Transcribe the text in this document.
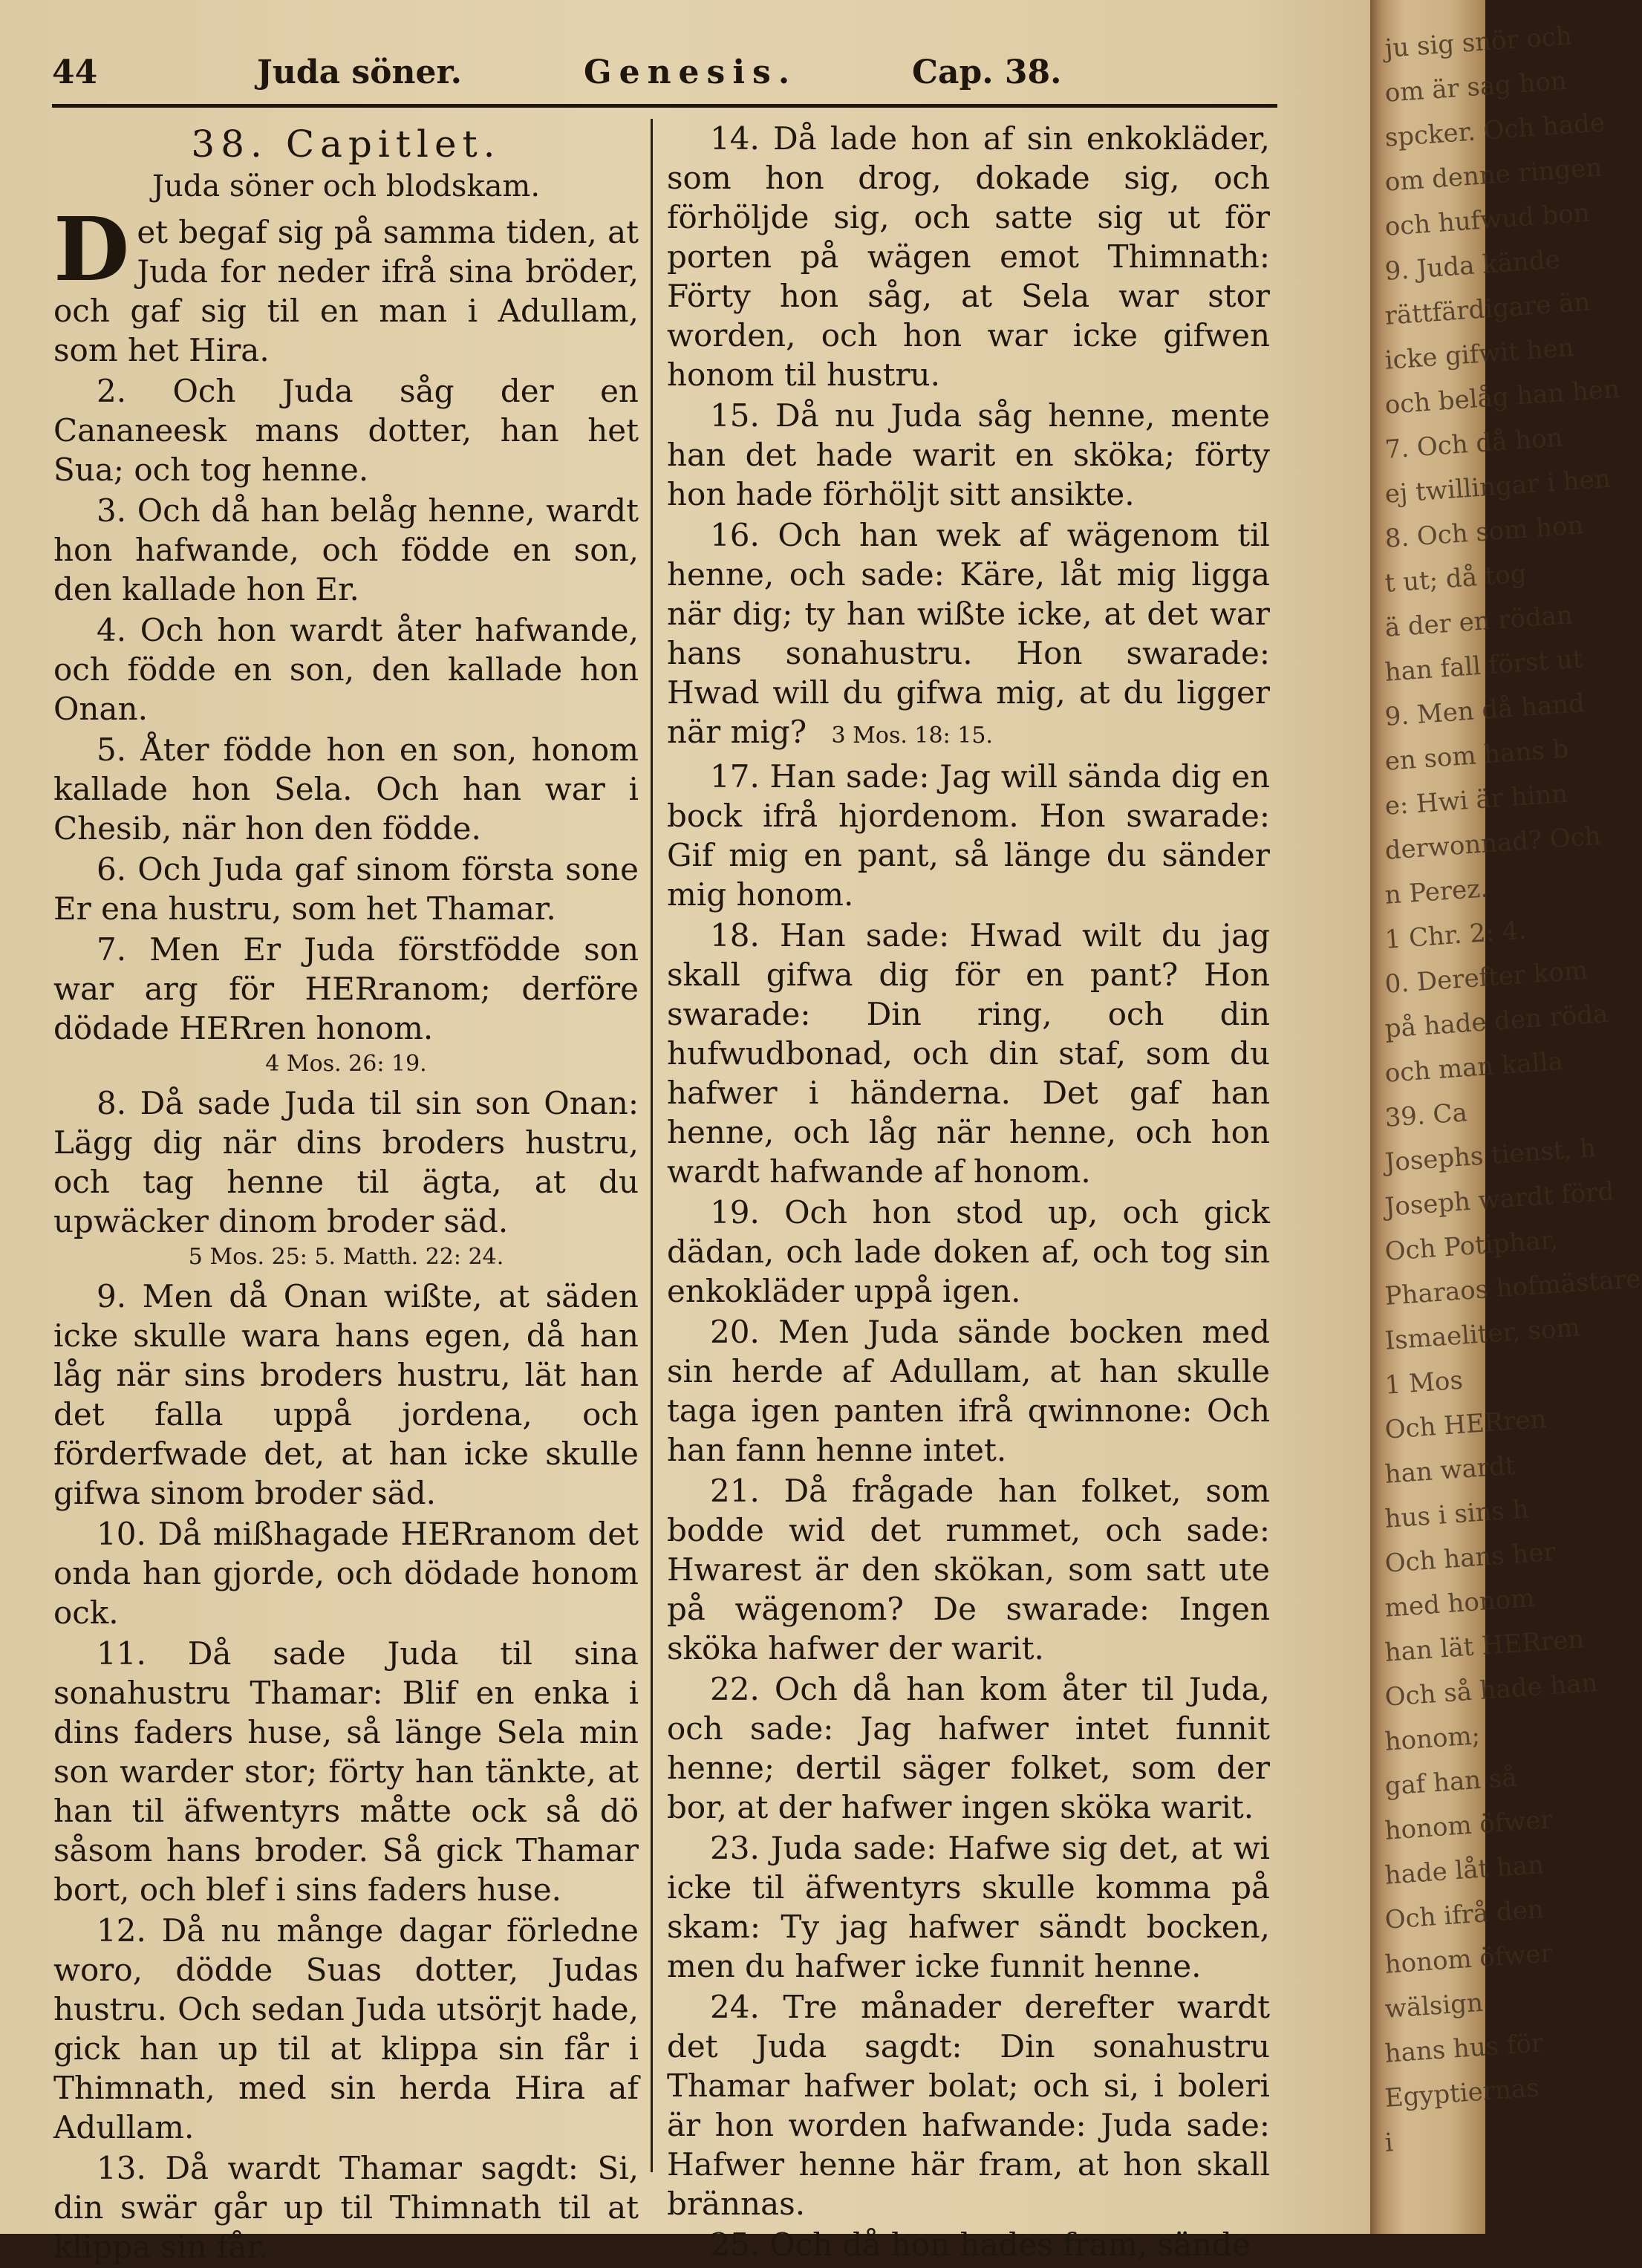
44	Juda söner.	Genesis.	Cap. 38.
38. Capitlet.
Juda söner och blodskam.

Det begaf sig på samma tiden, at Juda for neder ifrå sina bröder, och gaf sig til en man i Adullam, som het Hira.

2. Och Juda såg der en Cananeesk mans dotter, han het Sua; och tog henne.

3. Och då han belåg henne, wardt hon hafwande, och födde en son, den kallade hon Er.

4. Och hon wardt åter hafwande, och födde en son, den kallade hon Onan.

5. Åter födde hon en son, honom kallade hon Sela. Och han war i Chesib, när hon den födde.

6. Och Juda gaf sinom första sone Er ena hustru, som het Thamar.

7. Men Er Juda förstfödde son war arg för HERranom; derföre dödade HERren honom.

4 Mos. 26: 19.

8. Då sade Juda til sin son Onan: Lägg dig när dins broders hustru, och tag henne til ägta, at du upwäcker dinom broder säd.

5 Mos. 25: 5. Matth. 22: 24.

9. Men då Onan wißte, at säden icke skulle wara hans egen, då han låg när sins broders hustru, lät han det falla uppå jordena, och förderfwade det, at han icke skulle gifwa sinom broder säd.

10. Då mißhagade HERranom det onda han gjorde, och dödade honom ock.

11. Då sade Juda til sina sonahustru Thamar: Blif en enka i dins faders huse, så länge Sela min son warder stor; förty han tänkte, at han til äfwentyrs måtte ock så dö såsom hans broder. Så gick Thamar bort, och blef i sins faders huse.

12. Då nu månge dagar förledne woro, dödde Suas dotter, Judas hustru. Och sedan Juda utsörjt hade, gick han up til at klippa sin får i Thimnath, med sin herda Hira af Adullam.

13. Då wardt Thamar sagdt: Si, din swär går up til Thimnath til at klippa sin får.

14. Då lade hon af sin enkokläder, som hon drog, dokade sig, och förhöljde sig, och satte sig ut för porten på wägen emot Thimnath: Förty hon såg, at Sela war stor worden, och hon war icke gifwen honom til hustru.

15. Då nu Juda såg henne, mente han det hade warit en sköka; förty hon hade förhöljt sitt ansikte.

16. Och han wek af wägenom til henne, och sade: Käre, låt mig ligga när dig; ty han wißte icke, at det war hans sonahustru. Hon swarade: Hwad will du gifwa mig, at du ligger när mig? 3 Mos. 18: 15.

17. Han sade: Jag will sända dig en bock ifrå hjordenom. Hon swarade: Gif mig en pant, så länge du sänder mig honom.

18. Han sade: Hwad wilt du jag skall gifwa dig för en pant? Hon swarade: Din ring, och din hufwudbonad, och din staf, som du hafwer i händerna. Det gaf han henne, och låg när henne, och hon wardt hafwande af honom.

19. Och hon stod up, och gick dädan, och lade doken af, och tog sin enkokläder uppå igen.

20. Men Juda sände bocken med sin herde af Adullam, at han skulle taga igen panten ifrå qwinnone: Och han fann henne intet.

21. Då frågade han folket, som bodde wid det rummet, och sade: Hwarest är den skökan, som satt ute på wägenom? De swarade: Ingen sköka hafwer der warit.

22. Och då han kom åter til Juda, och sade: Jag hafwer intet funnit henne; dertil säger folket, som der bor, at der hafwer ingen sköka warit.

23. Juda sade: Hafwe sig det, at wi icke til äfwentyrs skulle komma på skam: Ty jag hafwer sändt bocken, men du hafwer icke funnit henne.

24. Tre månader derefter wardt det Juda sagdt: Din sonahustru Thamar hafwer bolat; och si, i boleri är hon worden hafwande: Juda sade: Hafwer henne här fram, at hon skall brännas.

25. Och då hon hades fram, sände

ju sig snör och
om är sag hon
spcker. Och hade
om denne ringen
och hufwud bon
9. Juda kände
rättfärdigare än
icke gifwit hen
och belåg han hen
7. Och då hon
ej twillingar i hen
8. Och som hon
t ut; då tog
ä der en rödan
han fall först ut
9. Men då hand
en som hans b
e: Hwi är hinn
derwonnad? Och
n Perez.
1 Chr. 2: 4.
0. Derefter kom
på hade den röda
och man kalla
39. Ca
Josephs tienst, h
Joseph wardt förd
Och Potiphar,
Pharaos hofmästare
Ismaeliter, som
1 Mos
Och HERren
han wardt
hus i sins h
Och hans her
med honom
han lät HERren
Och så hade han
honom;
gaf han så
honom öfwer
hade låt han
Och ifrå den
honom öfwer
wälsign
hans hus för
Egyptiernas
i
